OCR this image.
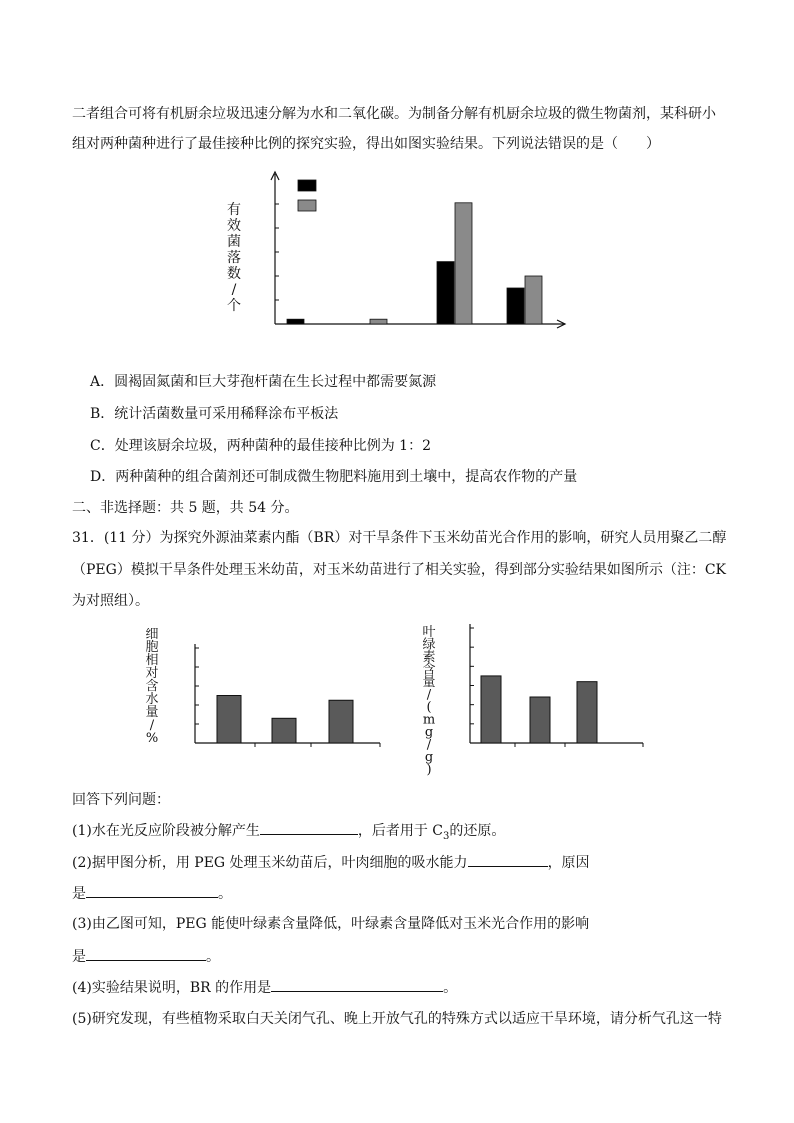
二者组合可将有机厨余垃圾迅速分解为水和二氧化碳。为制备分解有机厨余垃圾的微生物菌剂，某科研小
组对两种菌种进行了最佳接种比例的探究实验，得出如图实验结果。下列说法错误的是（　　）
有效菌落数/个
A．圆褐固氮菌和巨大芽孢杆菌在生长过程中都需要氮源
B．统计活菌数量可采用稀释涂布平板法
C．处理该厨余垃圾，两种菌种的最佳接种比例为 1：2
D．两种菌种的组合菌剂还可制成微生物肥料施用到土壤中，提高农作物的产量
二、非选择题：共 5 题，共 54 分。
31．(11 分）为探究外源油菜素内酯（BR）对干旱条件下玉米幼苗光合作用的影响，研究人员用聚乙二醇
（PEG）模拟干旱条件处理玉米幼苗，对玉米幼苗进行了相关实验，得到部分实验结果如图所示（注：CK
为对照组）。
细胞相对含水量/ %
叶绿素含量/ ( m g / g )
回答下列问题：
(1)水在光反应阶段被分解产生	，后者用于 $C_3$的还原。
(2)据甲图分析，用 PEG 处理玉米幼苗后，叶肉细胞的吸水能力	，原因
是	。
(3)由乙图可知，PEG 能使叶绿素含量降低，叶绿素含量降低对玉米光合作用的影响
是	。
(4)实验结果说明，BR 的作用是	。
(5)研究发现，有些植物采取白天关闭气孔、晚上开放气孔的特殊方式以适应干旱环境，请分析气孔这一特
